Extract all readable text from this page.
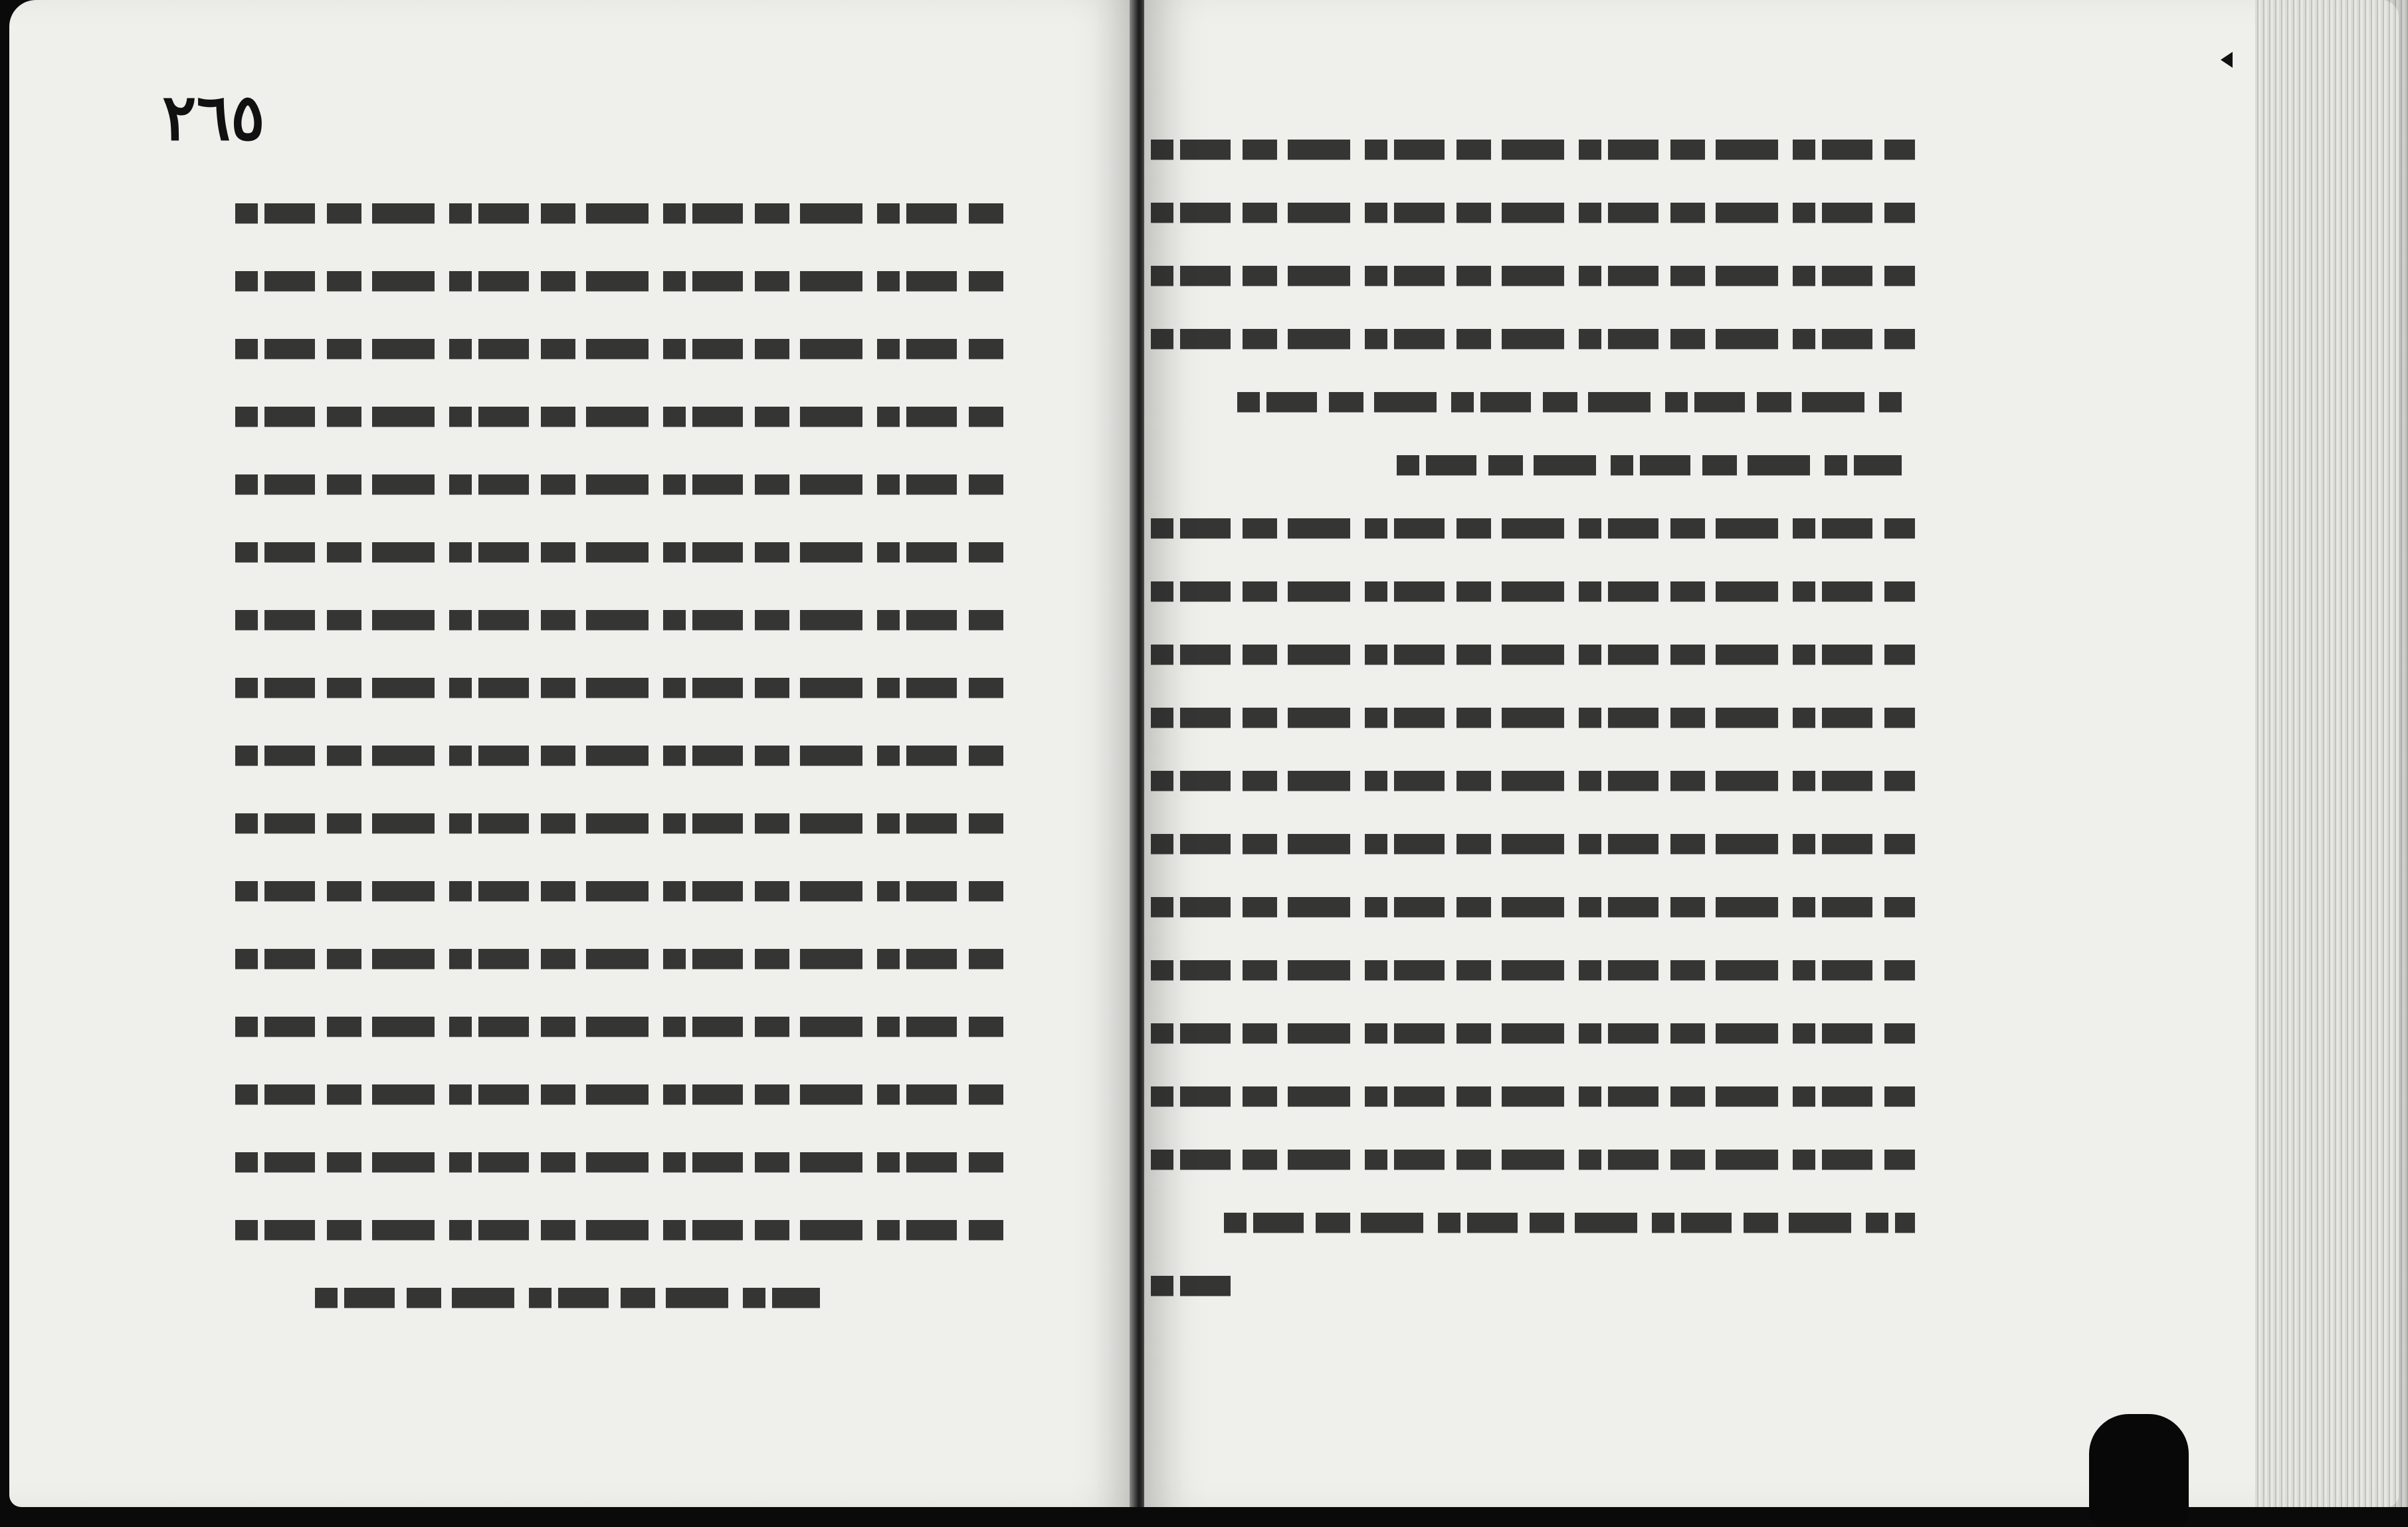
٢٦٥
